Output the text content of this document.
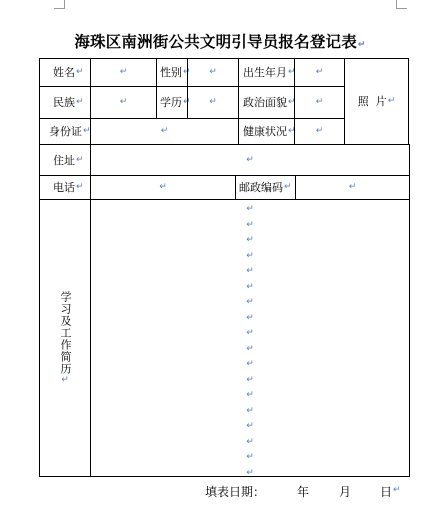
海珠区南洲街公共文明引导员报名登记表↵
姓名 ↵	↵	性别 ↵ ↵ 出生年月 ↵ ↵
照  片 ↵
民族 ↵	↵	学历 ↵ ↵ 政治面貌 ↵ ↵
身份证 ↵	↵	健康状况 ↵ ↵
住址 ↵	↵
电话 ↵	↵	邮政编码 ↵	↵
学习及工作简历↵
↵
↵
↵
↵
↵
↵
↵
↵
↵
↵
↵
↵
↵
↵
↵
↵
↵
↵
填表日期：	年 月 日 ↵
